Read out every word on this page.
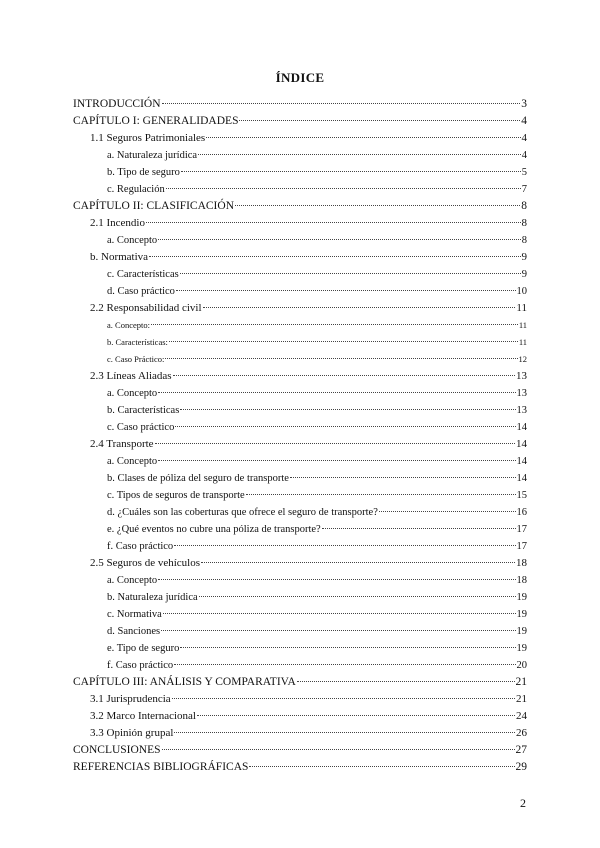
ÍNDICE
INTRODUCCIÓN	3
CAPÍTULO I: GENERALIDADES	4
1.1 Seguros Patrimoniales	4
a. Naturaleza jurídica	4
b. Tipo de seguro	5
c. Regulación	7
CAPÍTULO II: CLASIFICACIÓN	8
2.1 Incendio	8
a. Concepto	8
b. Normativa	9
c. Características	9
d. Caso práctico	10
2.2 Responsabilidad civil	11
a. Concepto:	11
b. Características:	11
c. Caso Práctico:	12
2.3 Líneas Aliadas	13
a. Concepto	13
b. Características	13
c. Caso práctico	14
2.4 Transporte	14
a. Concepto	14
b. Clases de póliza del seguro de transporte	14
c. Tipos de seguros de transporte	15
d. ¿Cuáles son las coberturas que ofrece el seguro de transporte?	16
e. ¿Qué eventos no cubre una póliza de transporte?	17
f. Caso práctico	17
2.5 Seguros de vehículos	18
a. Concepto	18
b. Naturaleza jurídica	19
c. Normativa	19
d. Sanciones	19
e. Tipo de seguro	19
f. Caso práctico	20
CAPÍTULO III: ANÁLISIS Y COMPARATIVA	21
3.1 Jurisprudencia	21
3.2 Marco Internacional	24
3.3 Opinión grupal	26
CONCLUSIONES	27
REFERENCIAS BIBLIOGRÁFICAS	29
2
